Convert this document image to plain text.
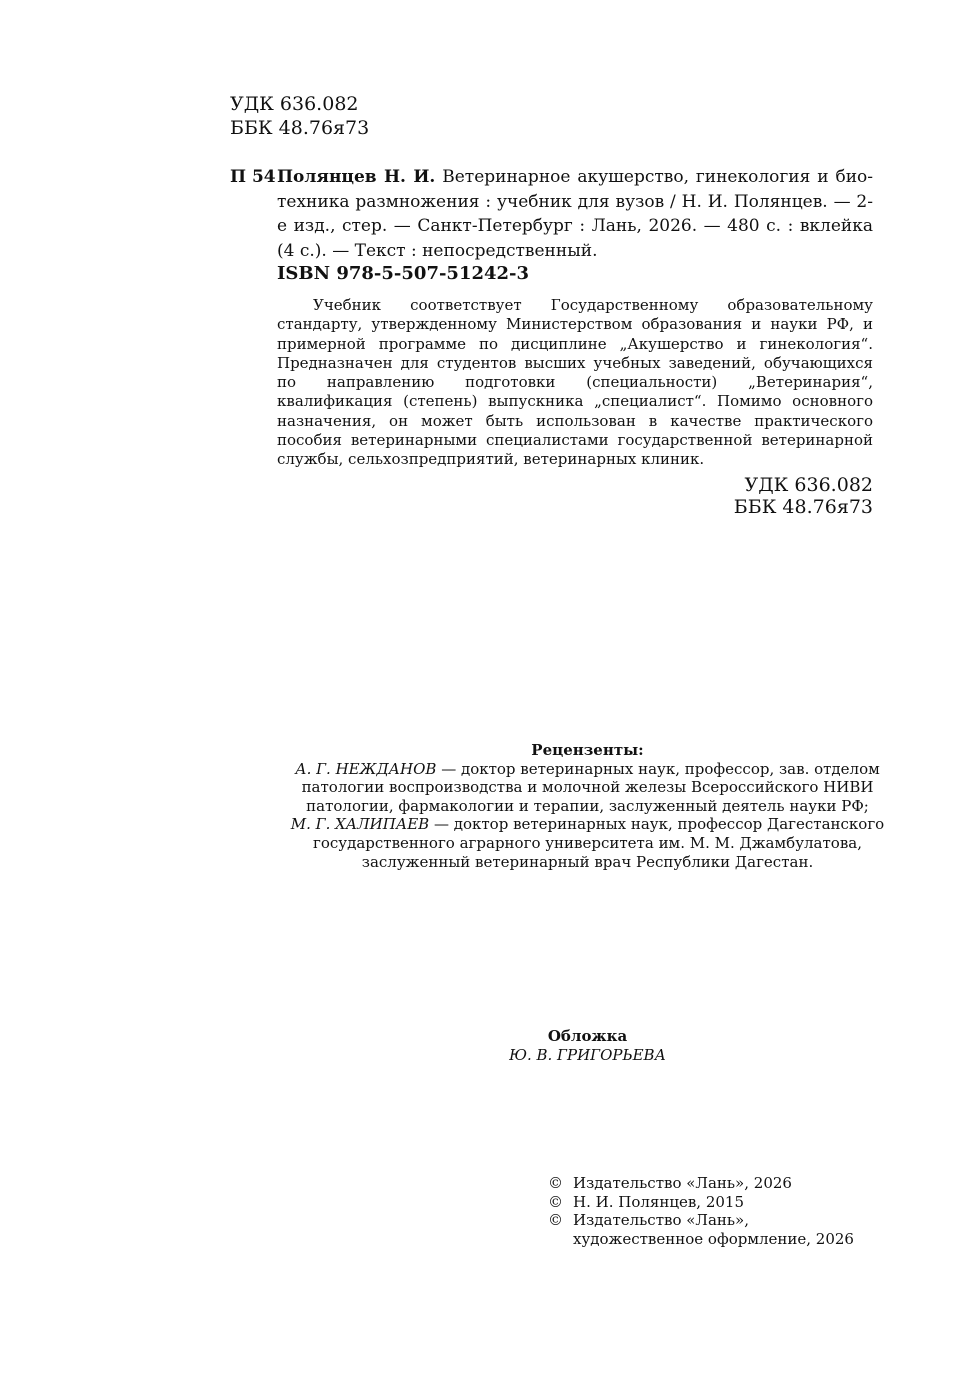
УДК 636.082
ББК 48.76я73
П 54 Полянцев Н. И. Ветеринарное акушерство, гинекология и био- техника размножения : учебник для вузов / Н. И. Полянцев. — 2-е изд., стер. — Санкт-Петербург : Лань, 2026. — 480 с. : вклейка (4 с.). — Текст : непосредственный.
ISBN 978-5-507-51242-3
Учебник соответствует Государственному образовательному стандарту, утвержденному Министерством образования и науки РФ, и примерной программе по дисциплине „Акушерство и гинекология“. Предназначен для студентов высших учебных заведений, обучающихся по направлению подготовки (специальности) „Ветеринария“, квалификация (степень) выпускника „специалист“. Помимо основного назначения, он может быть использован в качестве практического пособия ветеринарными специалистами государственной ветеринарной службы, сельхозпредприятий, ветеринарных клиник.
УДК 636.082
ББК 48.76я73
Рецензенты:
А. Г. НЕЖДАНОВ — доктор ветеринарных наук, профессор, зав. отделом
патологии воспроизводства и молочной железы Всероссийского НИВИ
патологии, фармакологии и терапии, заслуженный деятель науки РФ;
М. Г. ХАЛИПАЕВ — доктор ветеринарных наук, профессор Дагестанского
государственного аграрного университета им. М. М. Джамбулатова,
заслуженный ветеринарный врач Республики Дагестан.
Обложка
Ю. В. ГРИГОРЬЕВА
© Издательство «Лань», 2026
© Н. И. Полянцев, 2015
© Издательство «Лань»,
художественное оформление, 2026
